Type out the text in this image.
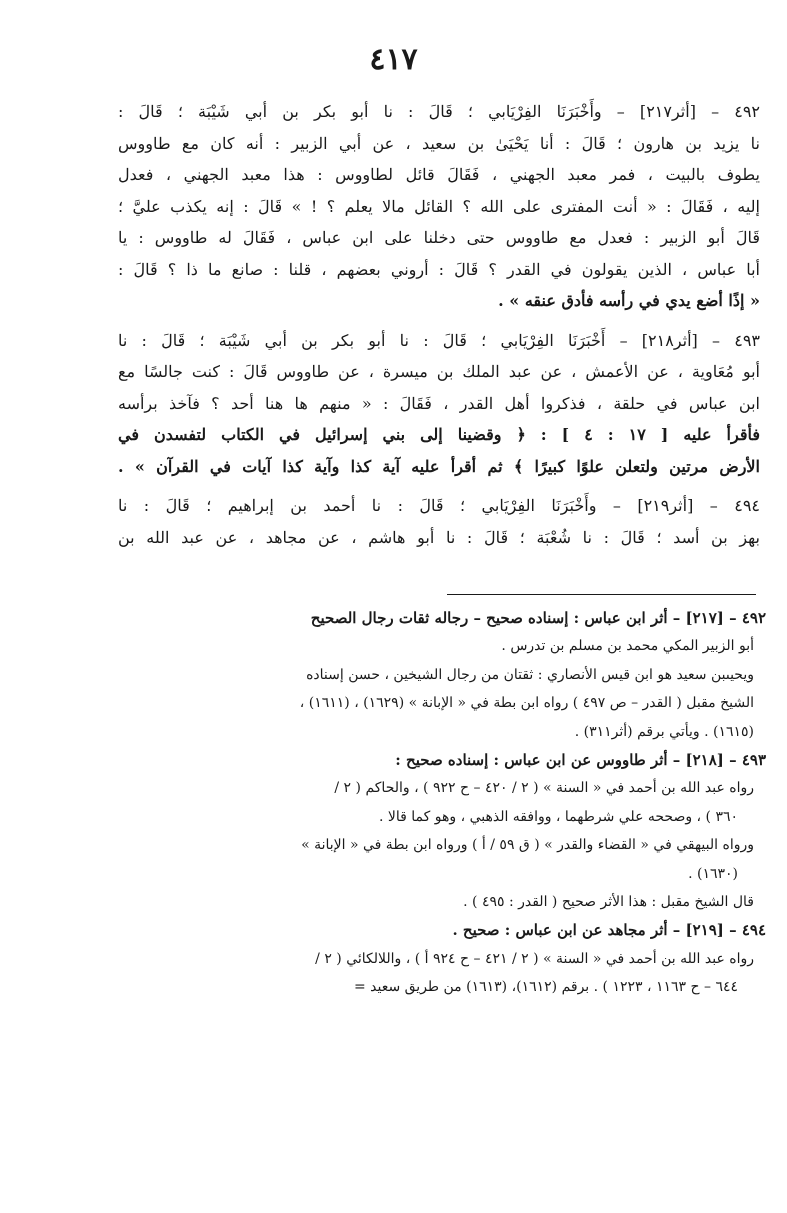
٤١٧
٤٩٢ – [أثر٢١٧] – وأَخْبَرَنَا الفِرْيَابي ؛ قَالَ : نا أبو بكر بن أبي شَيْبَة ؛ قَالَ :
نا يزيد بن هارون ؛ قَالَ : أنا يَحْيَىٰ بن سعيد ، عن أبي الزبير : أنه كان مع طاووس
يطوف بالبيت ، فمر معبد الجهني ، فَقَالَ قائل لطاووس : هذا معبد الجهني ، فعدل
إليه ، فَقَالَ : « أنت المفترى على الله ؟ القائل مالا يعلم ؟ ! » قَالَ : إنه يكذب عليَّ ؛
قَالَ أبو الزبير : فعدل مع طاووس حتى دخلنا على ابن عباس ، فَقَالَ له طاووس : يا
أبا عباس ، الذين يقولون في القدر ؟ قَالَ : أروني بعضهم ، قلنا : صانع ما ذا ؟ قَالَ :
« إذًا أضع يدي في رأسه فأدق عنقه » .
٤٩٣ – [أثر٢١٨] – أَخْبَرَنَا الفِرْيَابي ؛ قَالَ : نا أبو بكر بن أبي شَيْبَة ؛ قَالَ : نا
أبو مُعَاوية ، عن الأعمش ، عن عبد الملك بن ميسرة ، عن طاووس قَالَ : كنت جالسًا مع
ابن عباس في حلقة ، فذكروا أهل القدر ، فَقَالَ : « منهم ها هنا أحد ؟ فآخذ برأسه
فأقرأ عليه [ ١٧ : ٤ ] : ﴿ وقضينا إلى بني إسرائيل في الكتاب لتفسدن في
الأرض مرتين ولتعلن علوًا كبيرًا ﴾ ثم أقرأ عليه آية كذا وآية كذا آيات في القرآن » .
٤٩٤ – [أثر٢١٩] – وأَخْبَرَنَا الفِرْيَابي ؛ قَالَ : نا أحمد بن إبراهيم ؛ قَالَ : نا
بهز بن أسد ؛ قَالَ : نا شُعْبَة ؛ قَالَ : نا أبو هاشم ، عن مجاهد ، عن عبد الله بن
٤٩٢ – [٢١٧] – أثر ابن عباس : إسناده صحيح – رجاله ثقات رجال الصحيح
أبو الزبير المكي محمد بن مسلم بن تدرس .
ويحيىبن سعيد هو ابن قيس الأنصاري : ثقتان من رجال الشيخين ، حسن إسناده
الشيخ مقبل ( القدر – ص ٤٩٧ ) رواه ابن بطة في « الإبانة » (١٦٢٩) ، (١٦١١) ،
(١٦١٥) . ويأتي برقم (أثر٣١١) .
٤٩٣ – [٢١٨] – أثر طاووس عن ابن عباس : إسناده صحيح :
رواه عبد الله بن أحمد في « السنة » ( ٢ / ٤٢٠ – ح ٩٢٢ ) ، والحاكم ( ٢ /
٣٦٠ ) ، وصححه علي شرطهما ، ووافقه الذهبي ، وهو كما قالا .
ورواه البيهقي في « القضاء والقدر » ( ق ٥٩ / أ ) ورواه ابن بطة في « الإبانة »
(١٦٣٠) .
قال الشيخ مقبل : هذا الأثر صحيح ( القدر : ٤٩٥ ) .
٤٩٤ – [٢١٩] – أثر مجاهد عن ابن عباس : صحيح .
رواه عبد الله بن أحمد في « السنة » ( ٢ / ٤٢١ – ح ٩٢٤ أ ) ، واللالكائي ( ٢ /
٦٤٤ – ح ١١٦٣ ، ١٢٢٣ ) . برقم (١٦١٢)، (١٦١٣) من طريق سعيد =
